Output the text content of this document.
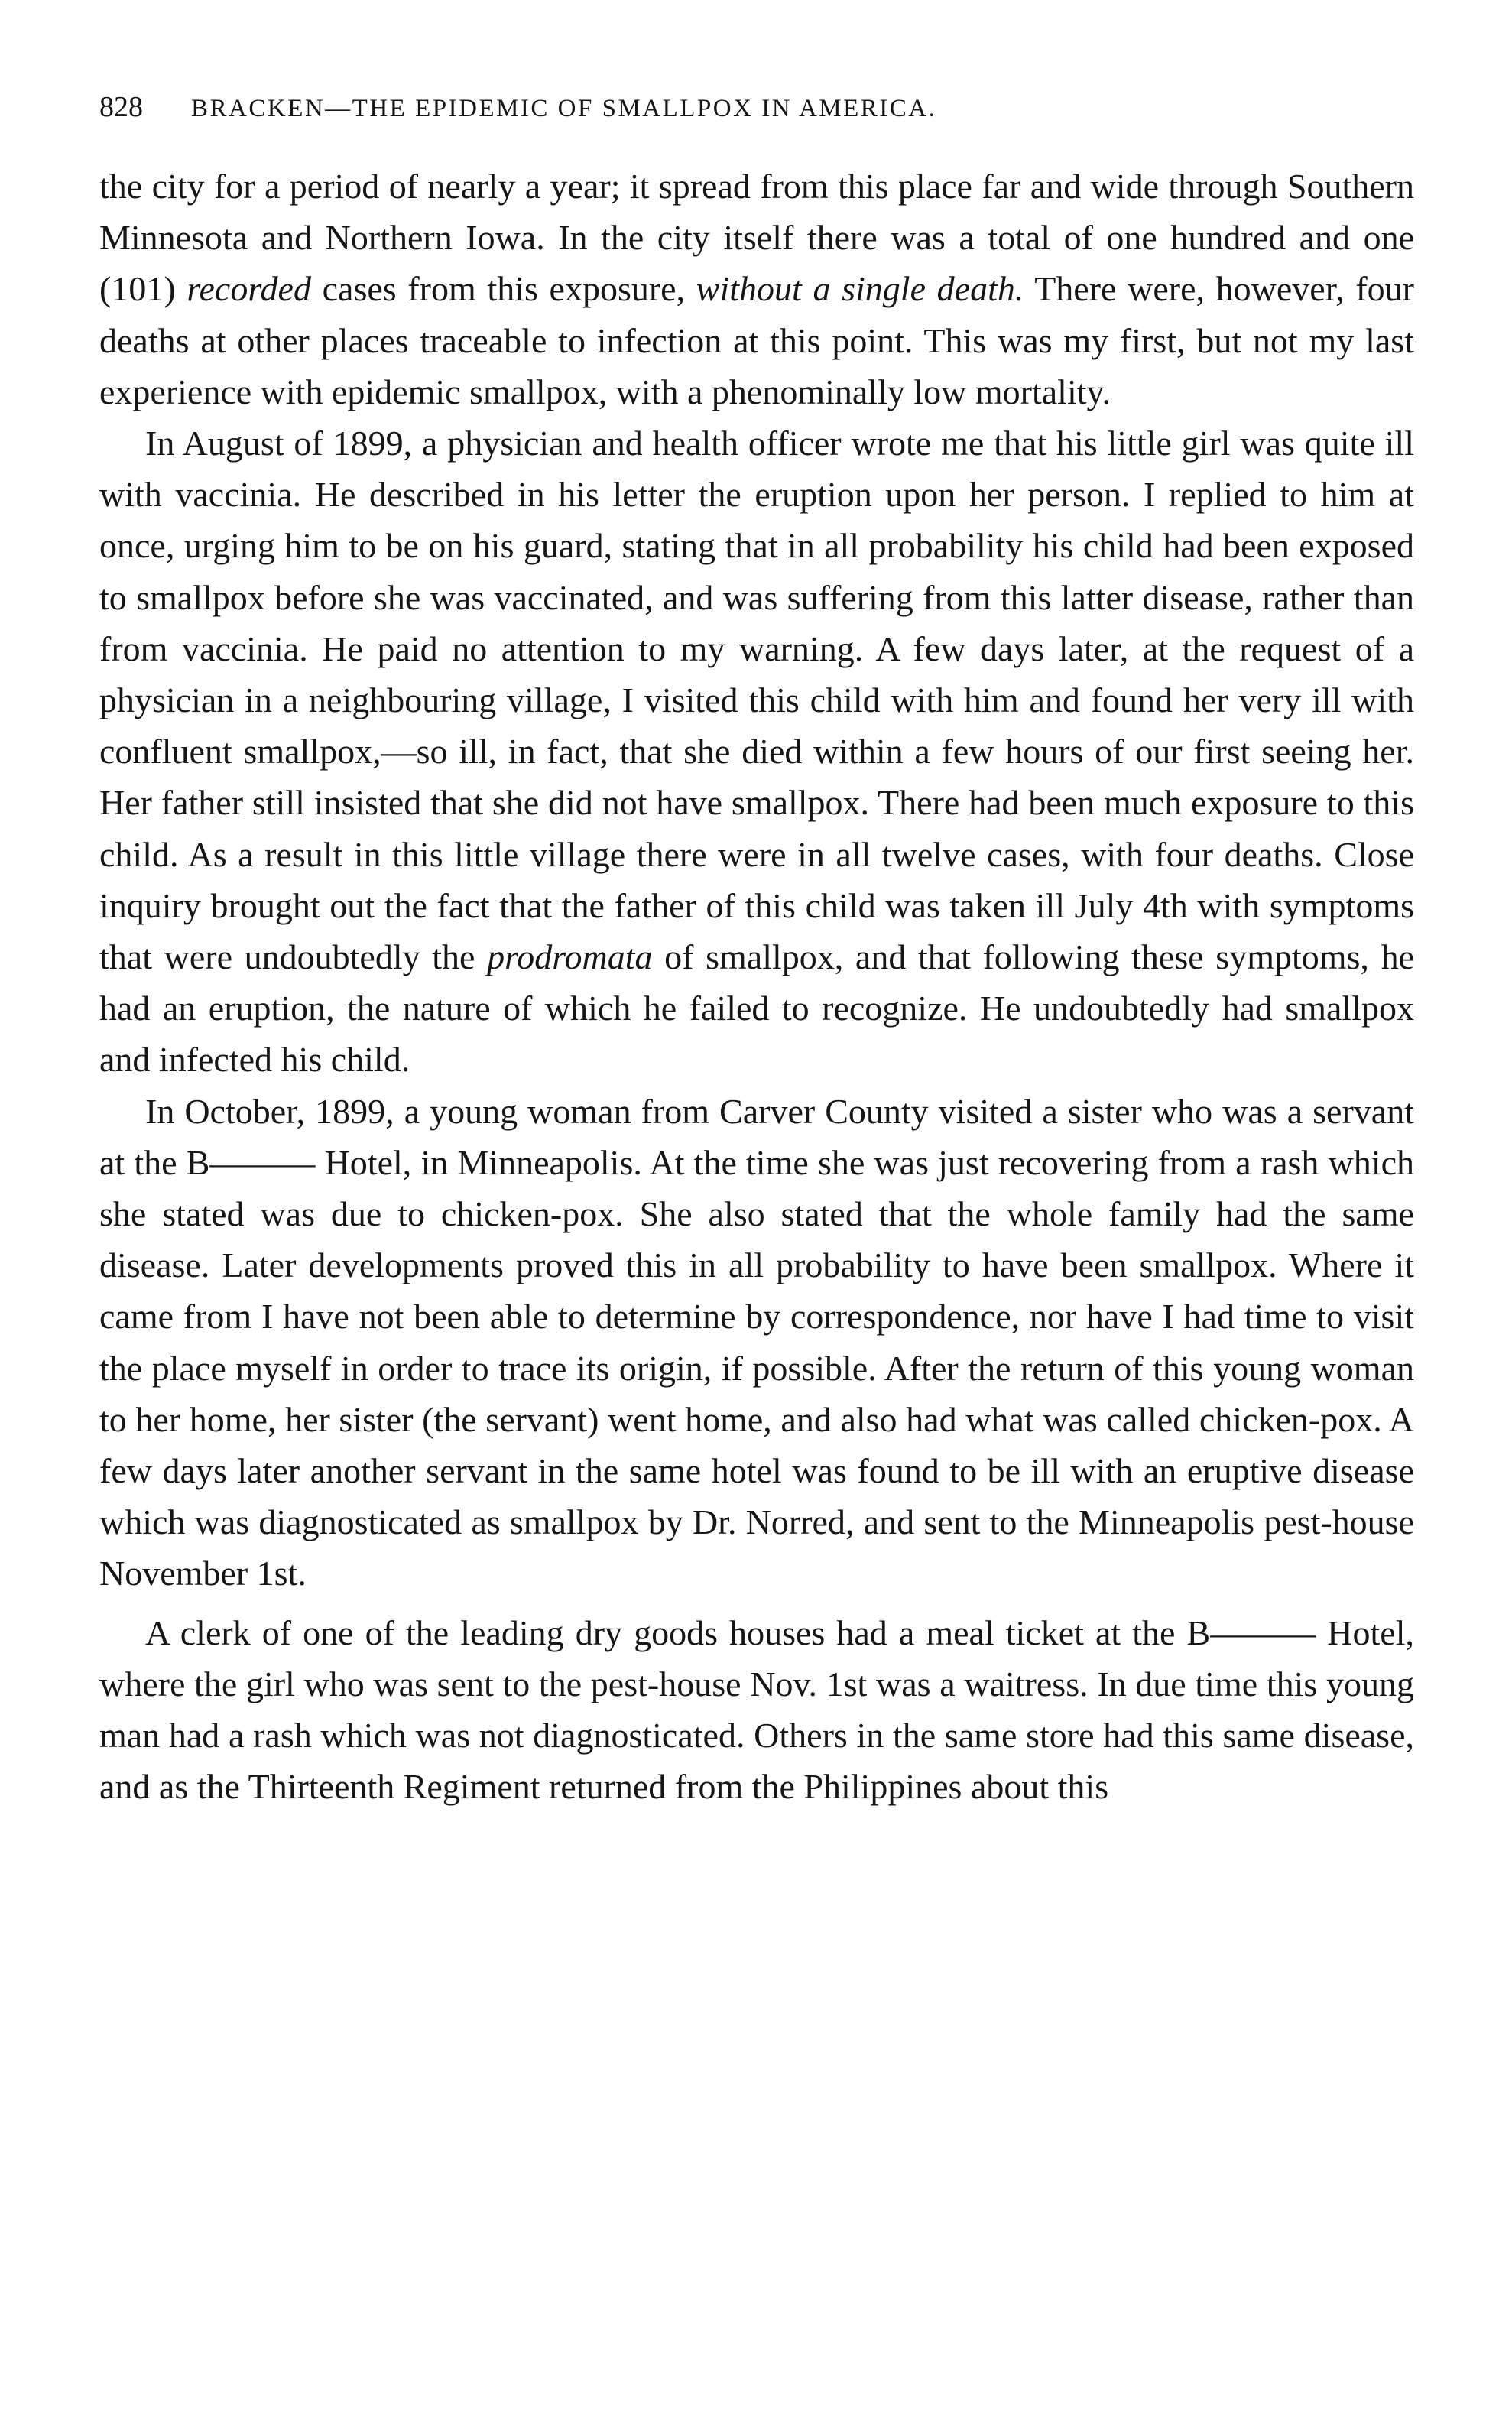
828 BRACKEN—THE EPIDEMIC OF SMALLPOX IN AMERICA.

the city for a period of nearly a year; it spread from this place far and wide through Southern Minnesota and Northern Iowa. In the city itself there was a total of one hundred and one (101) recorded cases from this exposure, without a single death. There were, however, four deaths at other places traceable to infection at this point. This was my first, but not my last experience with epidemic smallpox, with a phenominally low mortality.

In August of 1899, a physician and health officer wrote me that his little girl was quite ill with vaccinia. He described in his letter the eruption upon her person. I replied to him at once, urging him to be on his guard, stating that in all probability his child had been exposed to smallpox before she was vaccinated, and was suffering from this latter disease, rather than from vaccinia. He paid no attention to my warning. A few days later, at the request of a physician in a neighbouring village, I visited this child with him and found her very ill with confluent smallpox,—so ill, in fact, that she died within a few hours of our first seeing her. Her father still insisted that she did not have smallpox. There had been much exposure to this child. As a result in this little village there were in all twelve cases, with four deaths. Close inquiry brought out the fact that the father of this child was taken ill July 4th with symptoms that were undoubtedly the prodromata of smallpox, and that following these symptoms, he had an eruption, the nature of which he failed to recognize. He undoubtedly had smallpox and infected his child.

In October, 1899, a young woman from Carver County visited a sister who was a servant at the B——— Hotel, in Minneapolis. At the time she was just recovering from a rash which she stated was due to chicken-pox. She also stated that the whole family had the same disease. Later developments proved this in all probability to have been smallpox. Where it came from I have not been able to determine by correspondence, nor have I had time to visit the place myself in order to trace its origin, if possible. After the return of this young woman to her home, her sister (the servant) went home, and also had what was called chicken-pox. A few days later another servant in the same hotel was found to be ill with an eruptive disease which was diagnosticated as smallpox by Dr. Norred, and sent to the Minneapolis pest-house November 1st.

A clerk of one of the leading dry goods houses had a meal ticket at the B——— Hotel, where the girl who was sent to the pest-house Nov. 1st was a waitress. In due time this young man had a rash which was not diagnosticated. Others in the same store had this same disease, and as the Thirteenth Regiment returned from the Philippines about this
